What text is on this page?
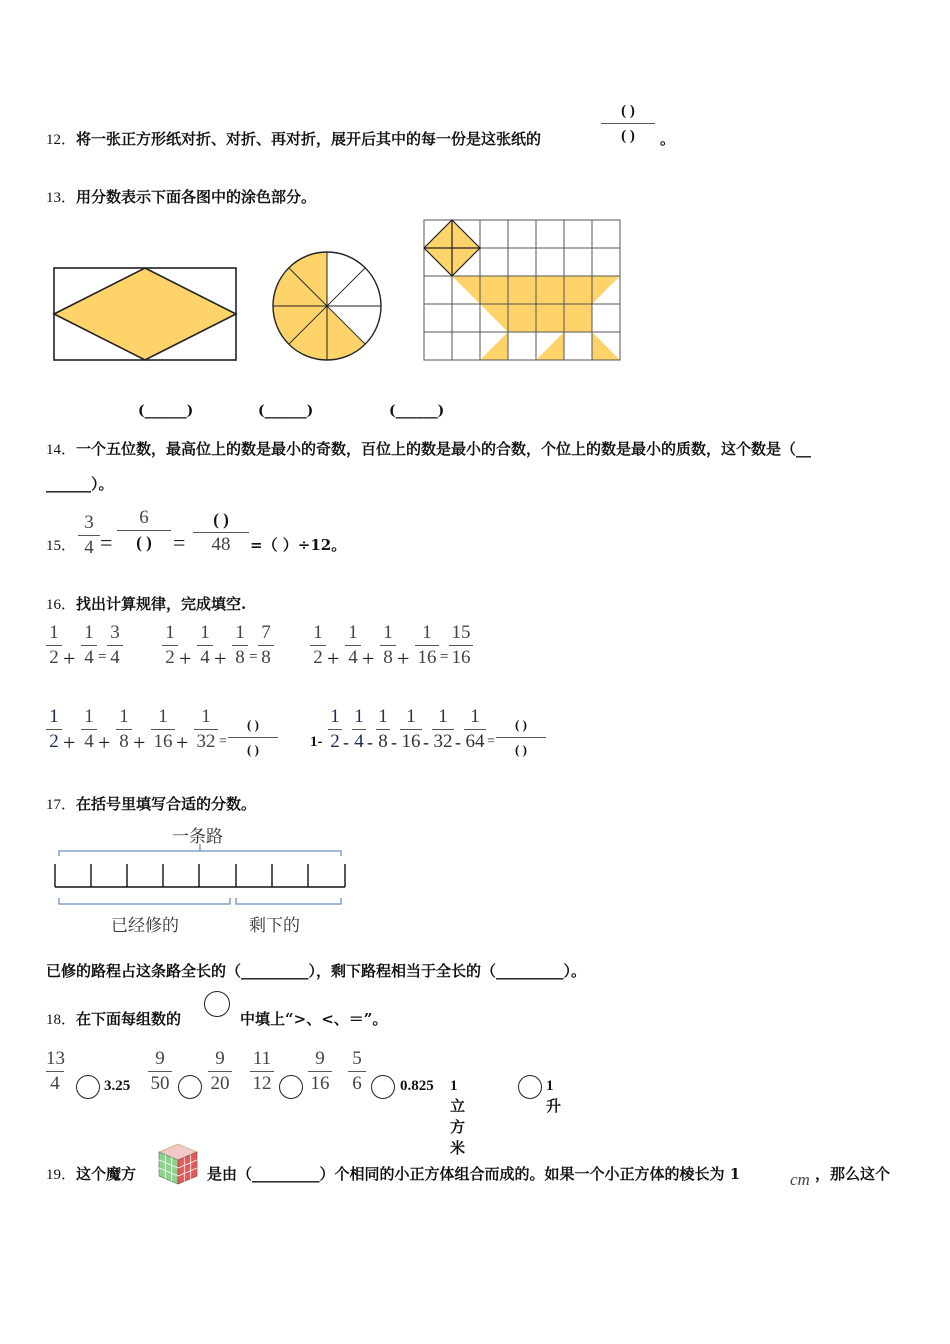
12．将一张正方形纸对折、对折、再对折，展开后其中的每一份是这张纸的
( )
( )	。
13．用分数表示下面各图中的涂色部分。
(______)	(______)	(______)
14．一个五位数，最高位上的数是最小的奇数，百位上的数是最小的合数，个位上的数是最小的质数，这个数是（__
______）。
15．
3
4 =
6
( ) =
( )
48	=（ ）÷12。
16．找出计算规律，完成填空.
1
2 +
1
4 =
3
4
1
2 +
1
4 +
1
8 =
7
8
1
2 +
1
4 +
1
8 +
1
16 =
15
16
1
2 +
1
4 +
1
8 +
1
16 +
1
32 =
( )
( )	1-
1
2 -
1
4 -
1
8 -
1
16 -
1
32 -
1
64 =
( )
( )
17．在括号里填写合适的分数。
一条路
已经修的	剩下的
已修的路程占这条路全长的（_________），剩下路程相当于全长的（_________）。
18．在下面每组数的	中填上“>、<、＝”。
13
4	3.25
9
50
9
20
11
12
9
16
5
6	0.825 1 立方米
1 升
19．这个魔方	是由（_________）个相同的小正方体组合而成的。如果一个小正方体的棱长为 1	cm ，那么这个
